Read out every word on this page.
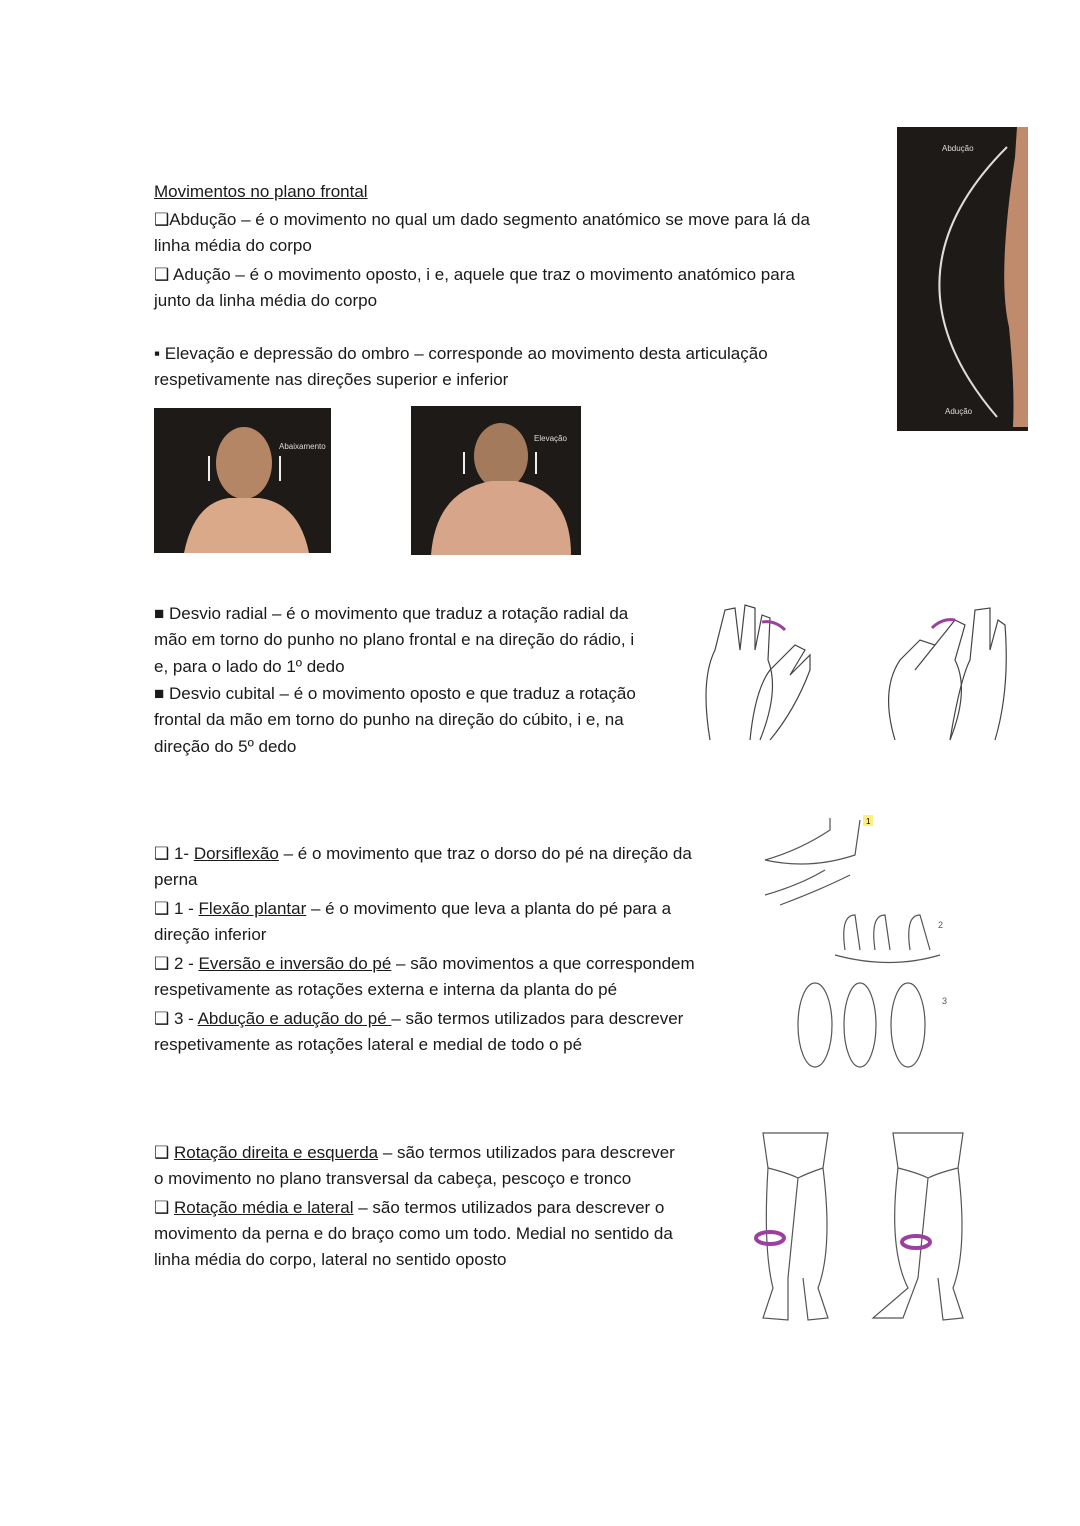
Movimentos no plano frontal
❑Abdução – é o movimento no qual um dado segmento anatómico se move para lá da
linha média do corpo
❑ Adução – é o movimento oposto, i e, aquele que traz o movimento anatómico para
junto da linha média do corpo
▪ Elevação e depressão do ombro – corresponde ao movimento desta articulação
respetivamente nas direções superior e inferior
Abdução
Adução
Abaixamento
Elevação
■ Desvio radial – é o movimento que traduz a rotação radial da
mão em torno do punho no plano frontal e na direção do rádio, i
e, para o lado do 1º dedo
■ Desvio cubital – é o movimento oposto e que traduz a rotação
frontal da mão em torno do punho na direção do cúbito, i e, na
direção do 5º dedo
❑ 1- Dorsiflexão – é o movimento que traz o dorso do pé na direção da
perna
❑ 1 - Flexão plantar – é o movimento que leva a planta do pé para a
direção inferior
❑ 2 - Eversão e inversão do pé – são movimentos a que correspondem
respetivamente as rotações externa e interna da planta do pé
❑ 3 - Abdução e adução do pé – são termos utilizados para descrever
respetivamente as rotações lateral e medial de todo o pé
1
2
3
❑ Rotação direita e esquerda – são termos utilizados para descrever
o movimento no plano transversal da cabeça, pescoço e tronco
❑ Rotação média e lateral – são termos utilizados para descrever o
movimento da perna e do braço como um todo. Medial no sentido da
linha média do corpo, lateral no sentido oposto
